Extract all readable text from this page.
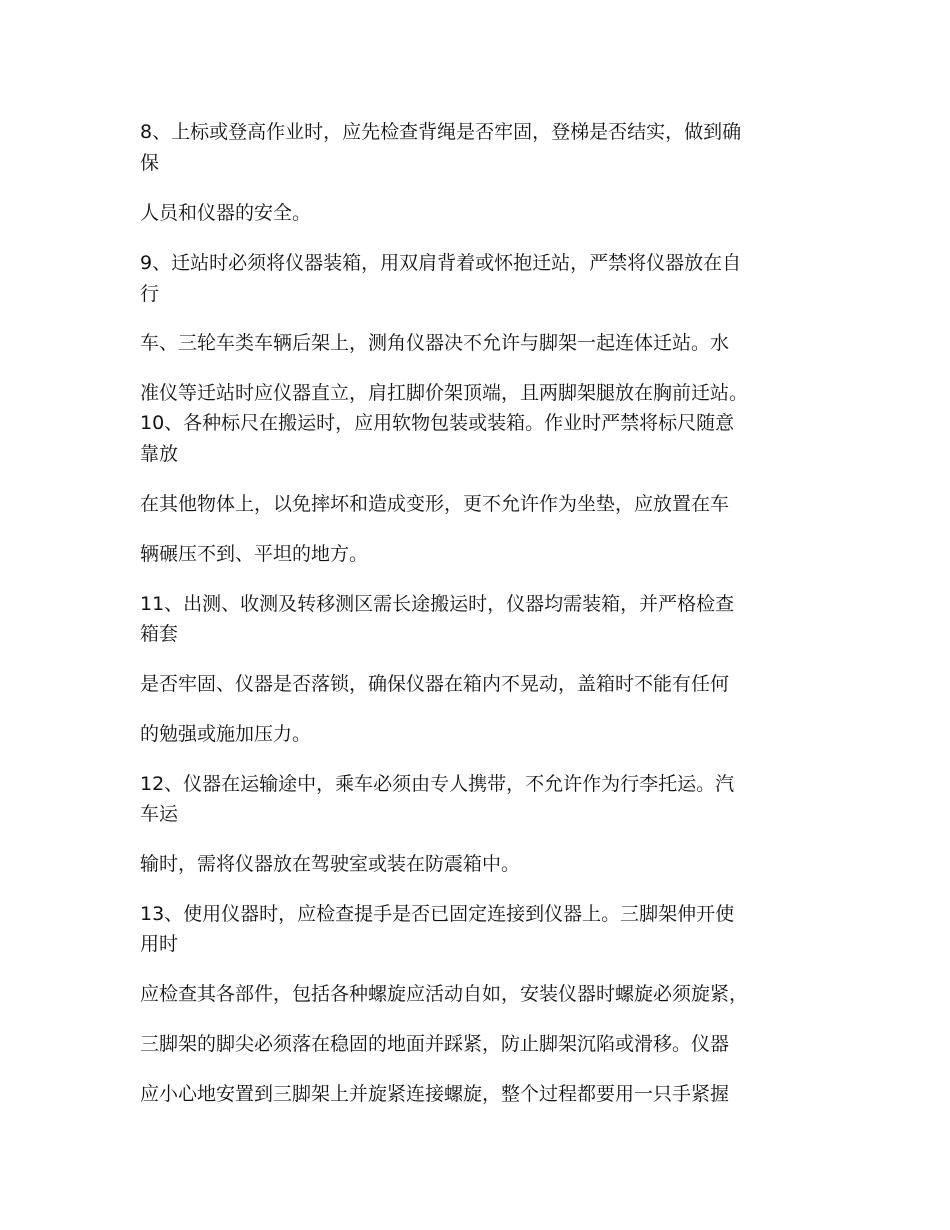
8、上标或登高作业时，应先检查背绳是否牢固，登梯是否结实，做到确
保
人员和仪器的安全。
9、迁站时必须将仪器装箱，用双肩背着或怀抱迁站，严禁将仪器放在自
行
车、三轮车类车辆后架上，测角仪器决不允许与脚架一起连体迁站。水
准仪等迁站时应仪器直立，肩扛脚价架顶端，且两脚架腿放在胸前迁站。
10、各种标尺在搬运时，应用软物包装或装箱。作业时严禁将标尺随意
靠放
在其他物体上，以免摔坏和造成变形，更不允许作为坐垫，应放置在车
辆碾压不到、平坦的地方。
11、出测、收测及转移测区需长途搬运时，仪器均需装箱，并严格检查
箱套
是否牢固、仪器是否落锁，确保仪器在箱内不晃动，盖箱时不能有任何
的勉强或施加压力。
12、仪器在运输途中，乘车必须由专人携带，不允许作为行李托运。汽
车运
输时，需将仪器放在驾驶室或装在防震箱中。
13、使用仪器时，应检查提手是否已固定连接到仪器上。三脚架伸开使
用时
应检查其各部件，包括各种螺旋应活动自如，安装仪器时螺旋必须旋紧，
三脚架的脚尖必须落在稳固的地面并踩紧，防止脚架沉陷或滑移。仪器
应小心地安置到三脚架上并旋紧连接螺旋，整个过程都要用一只手紧握
